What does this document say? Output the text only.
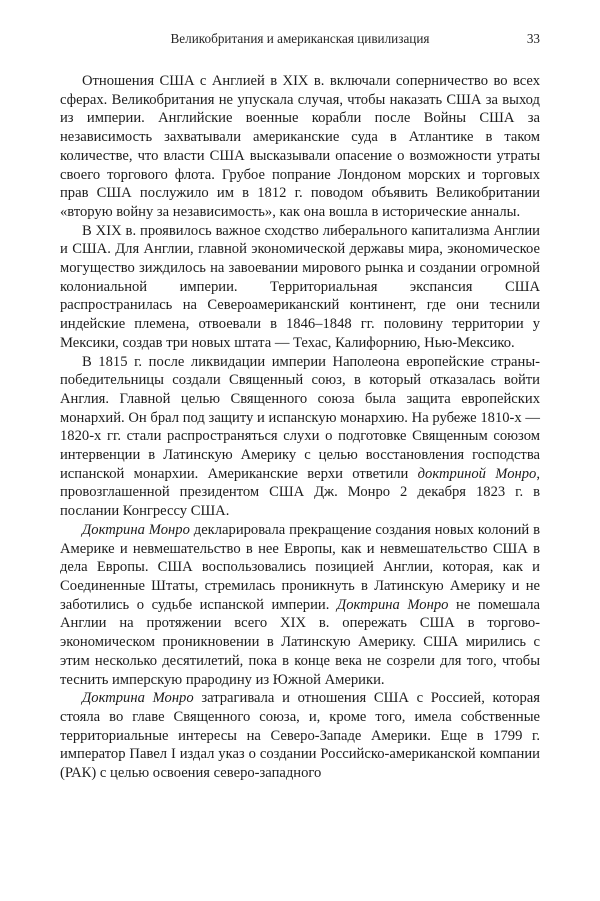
Великобритания и американская цивилизация	33

Отношения США с Англией в XIX в. включали соперничество во всех сферах. Великобритания не упускала случая, чтобы наказать США за выход из империи. Английские военные корабли после Войны США за независимость захватывали американские суда в Атлантике в таком количестве, что власти США высказывали опасение о возможности утраты своего торгового флота. Грубое попрание Лондоном морских и торговых прав США послужило им в 1812 г. поводом объявить Великобритании «вторую войну за независимость», как она вошла в исторические анналы.

В XIX в. проявилось важное сходство либерального капитализма Англии и США. Для Англии, главной экономической державы мира, экономическое могущество зиждилось на завоевании мирового рынка и создании огромной колониальной империи. Территориальная экспансия США распространилась на Североамериканский континент, где они теснили индейские племена, отвоевали в 1846–1848 гг. половину территории у Мексики, создав три новых штата — Техас, Калифорнию, Нью-Мексико.

В 1815 г. после ликвидации империи Наполеона европейские страны-победительницы создали Священный союз, в который отказалась войти Англия. Главной целью Священного союза была защита европейских монархий. Он брал под защиту и испанскую монархию. На рубеже 1810-х — 1820-х гг. стали распространяться слухи о подготовке Священным союзом интервенции в Латинскую Америку с целью восстановления господства испанской монархии. Американские верхи ответили доктриной Монро, провозглашенной президентом США Дж. Монро 2 декабря 1823 г. в послании Конгрессу США.

Доктрина Монро декларировала прекращение создания новых колоний в Америке и невмешательство в нее Европы, как и невмешательство США в дела Европы. США воспользовались позицией Англии, которая, как и Соединенные Штаты, стремилась проникнуть в Латинскую Америку и не заботились о судьбе испанской империи. Доктрина Монро не помешала Англии на протяжении всего XIX в. опережать США в торгово-экономическом проникновении в Латинскую Америку. США мирились с этим несколько десятилетий, пока в конце века не созрели для того, чтобы теснить имперскую прародину из Южной Америки.

Доктрина Монро затрагивала и отношения США с Россией, которая стояла во главе Священного союза, и, кроме того, имела собственные территориальные интересы на Северо-Западе Америки. Еще в 1799 г. император Павел I издал указ о создании Российско-американской компании (РАК) с целью освоения северо-западного
